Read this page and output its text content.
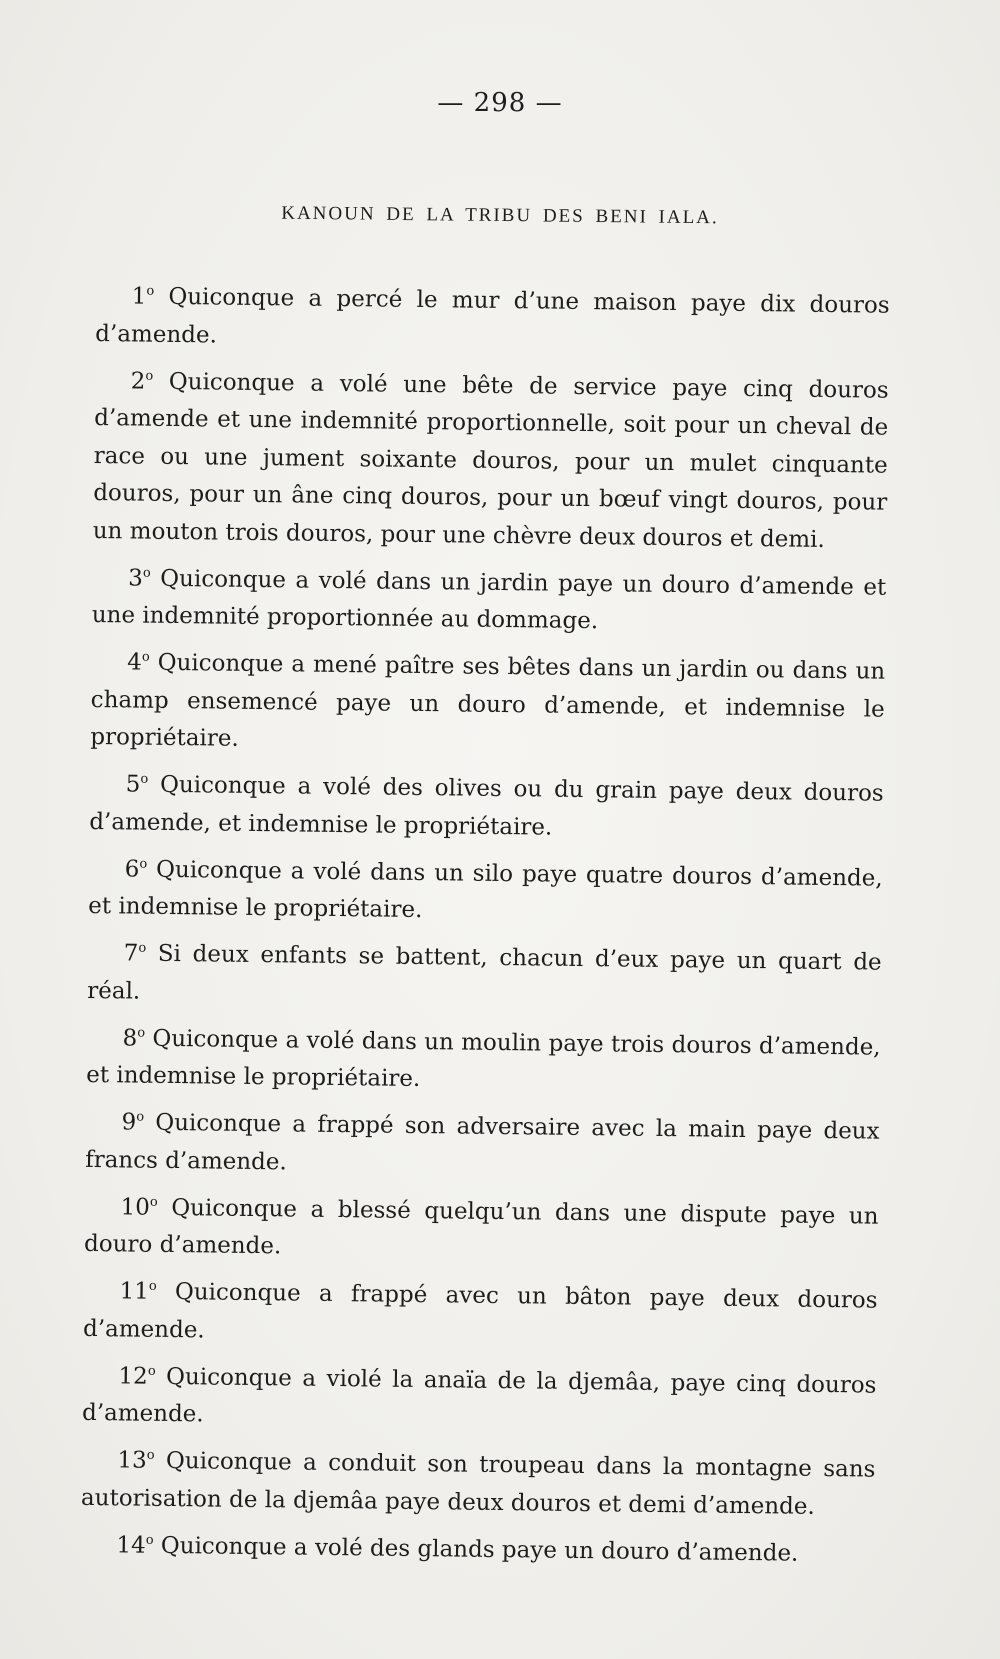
— 298 —
KANOUN DE LA TRIBU DES BENI IALA.
1$^o$ Quiconque a percé le mur d’une maison paye dix douros d’amende.
2$^o$ Quiconque a volé une bête de service paye cinq douros d’amende et une indemnité proportionnelle, soit pour un cheval de race ou une jument soixante douros, pour un mulet cinquante douros, pour un âne cinq douros, pour un bœuf vingt douros, pour un mouton trois douros, pour une chèvre deux douros et demi.
3$^o$ Quiconque a volé dans un jardin paye un douro d’amende et une indemnité proportionnée au dommage.
4$^o$ Quiconque a mené paître ses bêtes dans un jardin ou dans un champ ensemencé paye un douro d’amende, et indemnise le propriétaire.
5$^o$ Quiconque a volé des olives ou du grain paye deux douros d’amende, et indemnise le propriétaire.
6$^o$ Quiconque a volé dans un silo paye quatre douros d’amende, et indemnise le propriétaire.
7$^o$ Si deux enfants se battent, chacun d’eux paye un quart de réal.
8$^o$ Quiconque a volé dans un moulin paye trois douros d’amende, et indemnise le propriétaire.
9$^o$ Quiconque a frappé son adversaire avec la main paye deux francs d’amende.
10$^o$ Quiconque a blessé quelqu’un dans une dispute paye un douro d’amende.
11$^o$ Quiconque a frappé avec un bâton paye deux douros d’amende.
12$^o$ Quiconque a violé la anaïa de la djemâa, paye cinq douros d’amende.
13$^o$ Quiconque a conduit son troupeau dans la montagne sans autorisation de la djemâa paye deux douros et demi d’amende.
14$^o$ Quiconque a volé des glands paye un douro d’amende.
